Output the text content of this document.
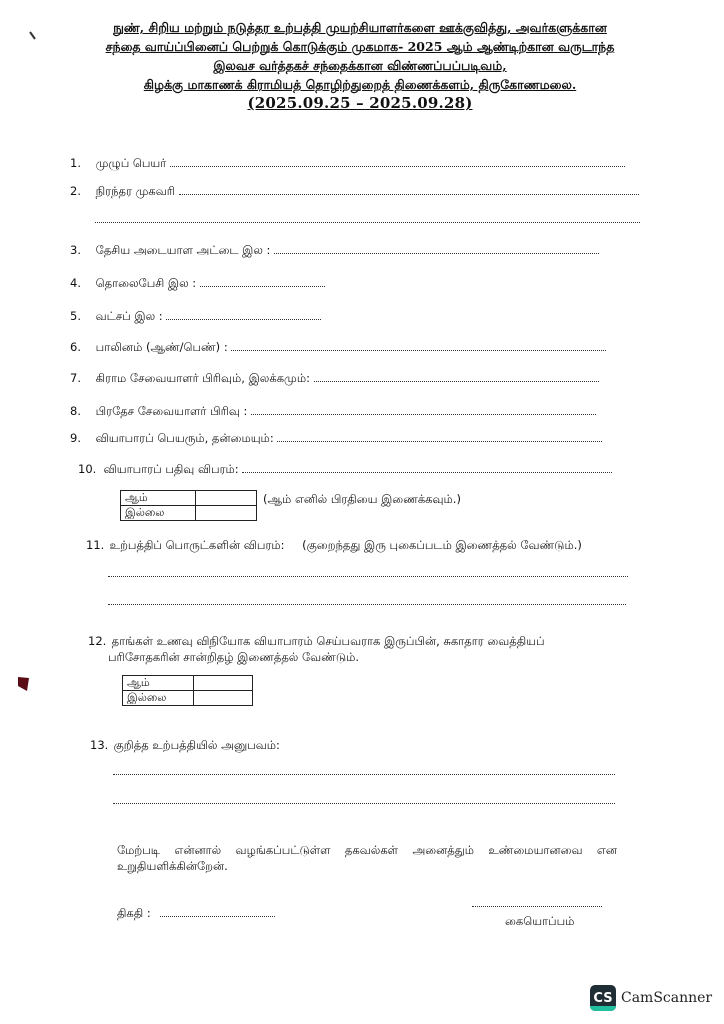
நுண், சிறிய மற்றும் நடுத்தர உற்பத்தி முயற்சியாளர்களை ஊக்குவித்து, அவர்களுக்கான
சந்தை வாய்ப்பினைப் பெற்றுக் கொடுக்கும் முகமாக- 2025 ஆம் ஆண்டிற்கான வருடாந்த
இலவச வர்த்தகச் சந்தைக்கான விண்ணப்பப்படிவம்,
கிழக்கு மாகாணக் கிராமியத் தொழிற்துறைத் திணைக்களம், திருகோணமலை.
(2025.09.25 – 2025.09.28)
1. முழுப் பெயர்
2. நிரந்தர முகவரி
3. தேசிய அடையாள அட்டை இல :
4. தொலைபேசி இல :
5. வட்சப் இல :
6. பாலினம் (ஆண்/பெண்) :
7. கிராம சேவையாளர் பிரிவும், இலக்கமும்:
8. பிரதேச சேவையாளர் பிரிவு :
9. வியாபாரப் பெயரும், தன்மையும்:
10. வியாபாரப் பதிவு விபரம்:
ஆம்	
இல்லை	
(ஆம் எனில் பிரதியை இணைக்கவும்.)
11. உற்பத்திப் பொருட்களின் விபரம்: (குறைந்தது இரு புகைப்படம் இணைத்தல் வேண்டும்.)
12. தாங்கள் உணவு விநியோக வியாபாரம் செய்பவராக இருப்பின், சுகாதார வைத்தியப்
பரிசோதகரின் சான்றிதழ் இணைத்தல் வேண்டும்.
ஆம்	
இல்லை	
13. குறித்த உற்பத்தியில் அனுபவம்:
மேற்படி என்னால் வழங்கப்பட்டுள்ள தகவல்கள் அனைத்தும் உண்மையானவை என உறுதியளிக்கின்றேன்.
திகதி :
கையொப்பம்
CS CamScanner
